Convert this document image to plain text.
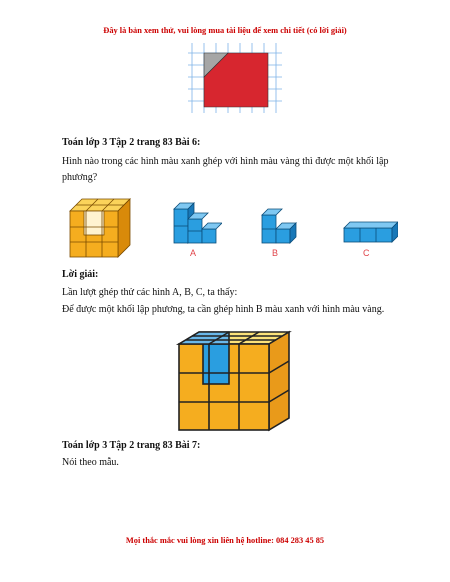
Đây là bản xem thử, vui lòng mua tài liệu để xem chi tiết (có lời giải)
Toán lớp 3 Tập 2 trang 83 Bài 6:
Hình nào trong các hình màu xanh ghép với hình màu vàng thì được một khối lập phương?
A	B	C
Lời giải:
Lần lượt ghép thử các hình A, B, C, ta thấy:
Để được một khối lập phương, ta cần ghép hình B màu xanh với hình màu vàng.
Toán lớp 3 Tập 2 trang 83 Bài 7:
Nói theo mẫu.
Mọi thắc mắc vui lòng xin liên hệ hotline: 084 283 45 85
